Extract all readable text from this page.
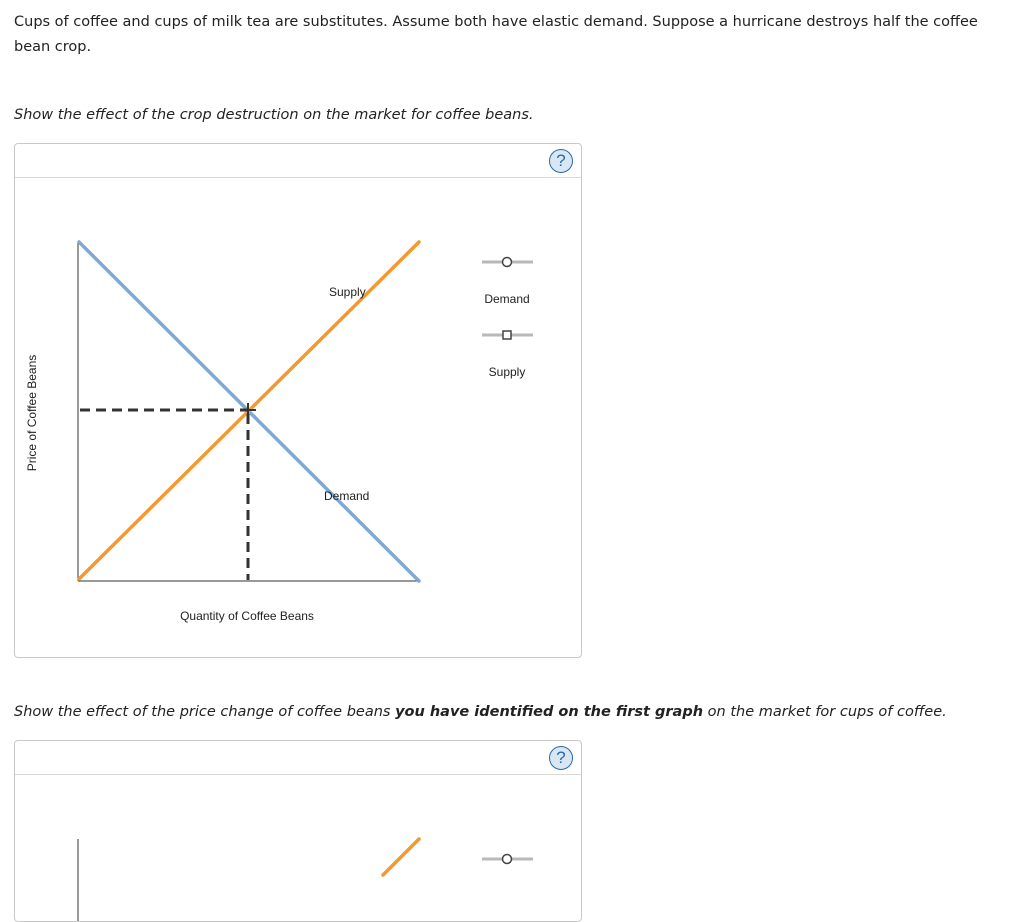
Cups of coffee and cups of milk tea are substitutes. Assume both have elastic demand. Suppose a hurricane destroys half the coffee bean crop.

Show the effect of the crop destruction on the market for coffee beans.

?
Supply
Demand
Quantity of Coffee Beans
Price of Coffee Beans
Demand
Supply

Show the effect of the price change of coffee beans you have identified on the first graph on the market for cups of coffee.

?
